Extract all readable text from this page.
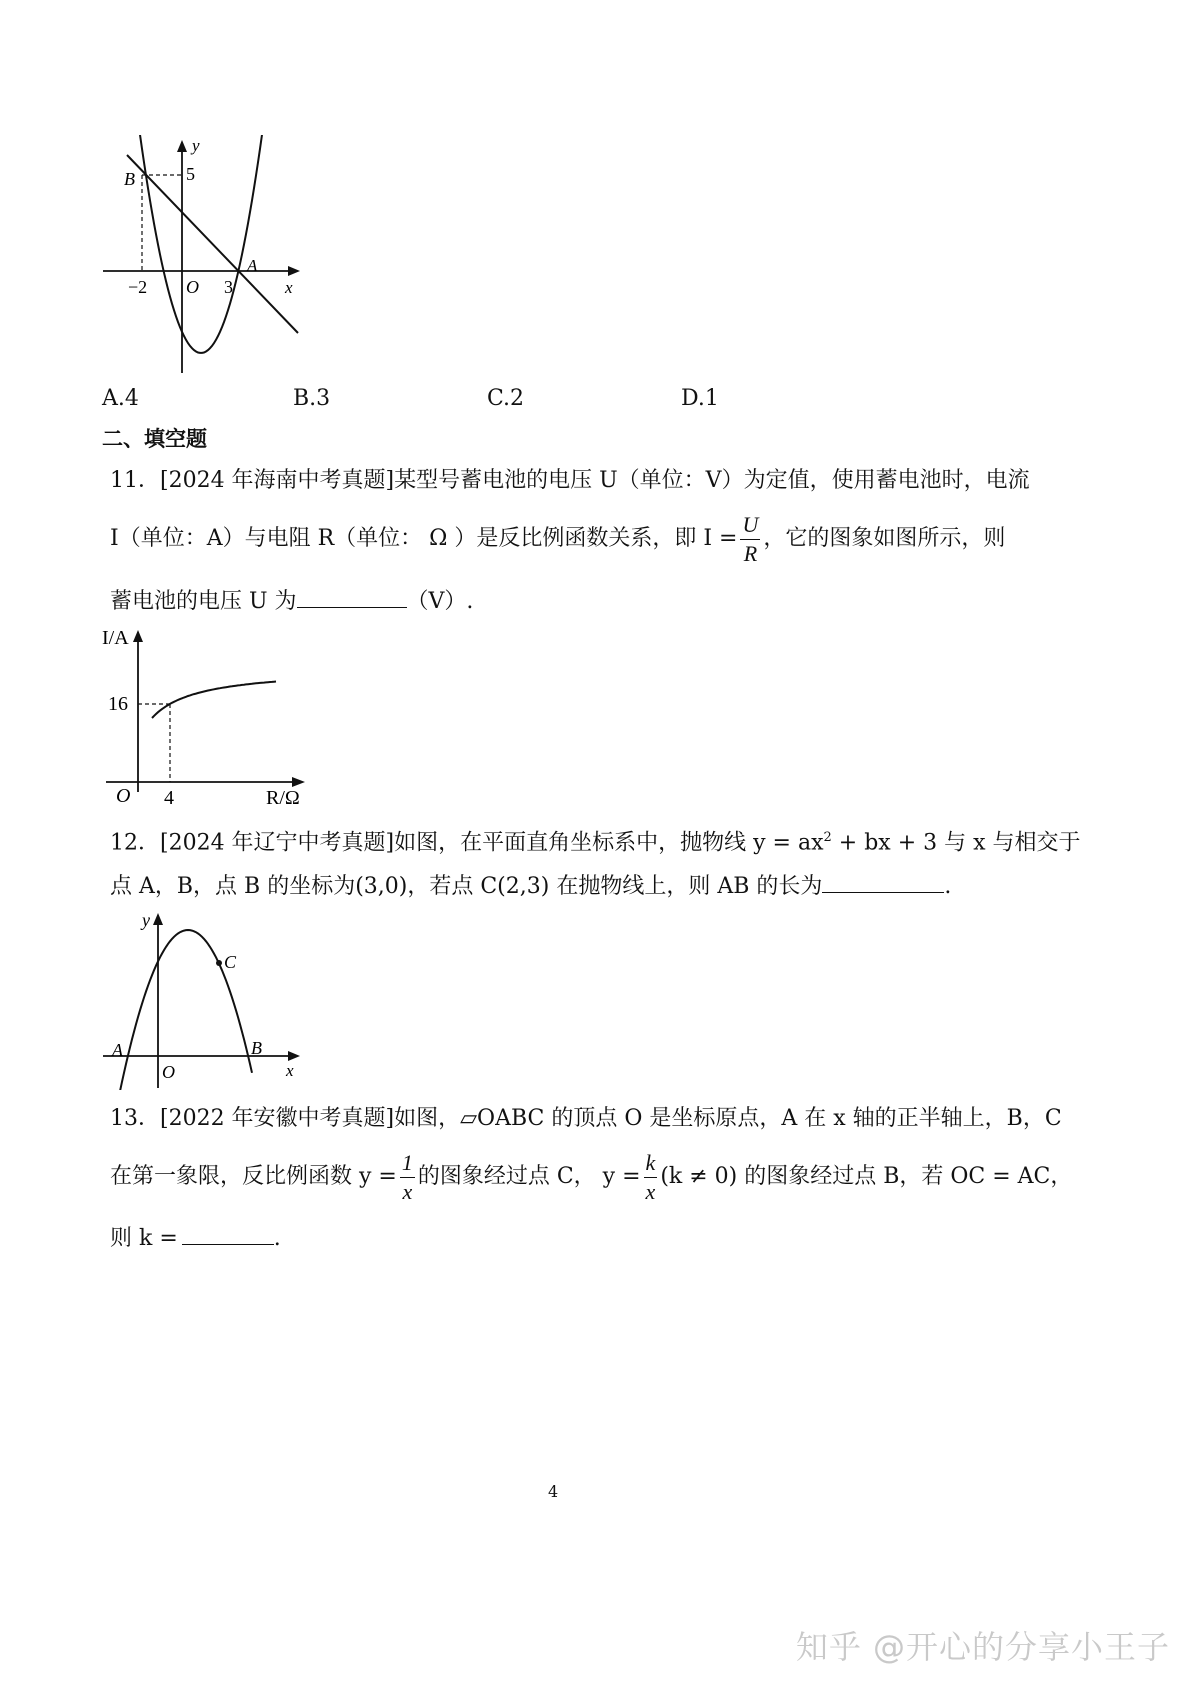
y
x
5
B
A
−2 O 3
A.4	B.3	C.2	D.1
二、填空题
11．[2024 年海南中考真题]某型号蓄电池的电压 U（单位：V）为定值，使用蓄电池时，电流
I（单位：A）与电阻 R（单位： Ω ）是反比例函数关系，即 $I = \frac{U}{R}$ ，它的图象如图所示，则
蓄电池的电压 U 为	（V）.
I/A
16
O 4	R/Ω
12．[2024 年辽宁中考真题]如图，在平面直角坐标系中，抛物线 $y = ax^2$ + bx + 3 与 x 与相交于
点 A，B，点 B 的坐标为(3,0)，若点 C(2,3) 在抛物线上，则 AB 的长为	.
y
C
A	B
O	x
13．[2022 年安徽中考真题]如图，▱OABC 的顶点 O 是坐标原点，A 在 x 轴的正半轴上，B，C
在第一象限，反比例函数 $y = \frac{1}{x}$ 的图象经过点 C， $y = \frac{k}{x} (k \ne 0)$ 的图象经过点 B，若 OC = AC，
则 k =	.
4
知乎 @开心的分享小王子
